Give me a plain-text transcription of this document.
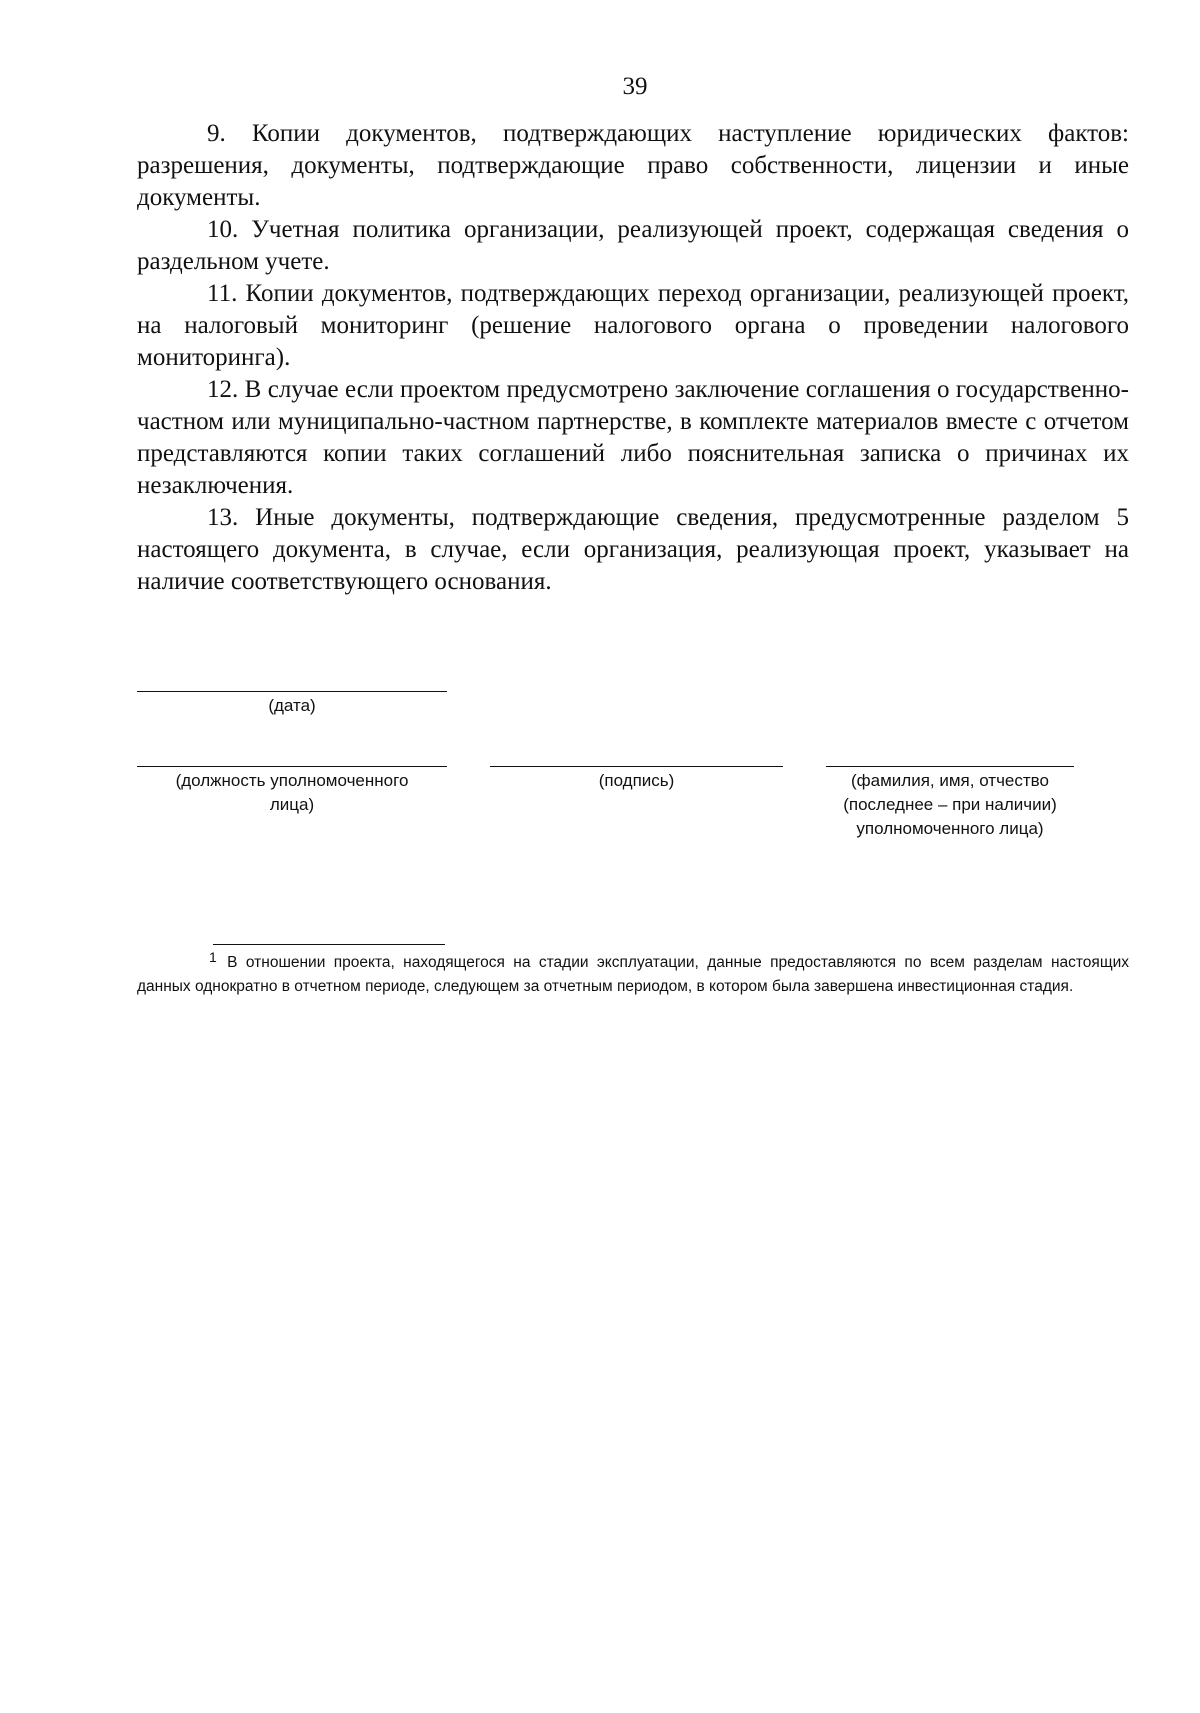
39

9. Копии документов, подтверждающих наступление юридических фактов: разрешения, документы, подтверждающие право собственности, лицензии и иные документы.

10. Учетная политика организации, реализующей проект, содержащая сведения о раздельном учете.

11. Копии документов, подтверждающих переход организации, реализующей проект, на налоговый мониторинг (решение налогового органа о проведении налогового мониторинга).

12. В случае если проектом предусмотрено заключение соглашения о государственно-частном или муниципально-частном партнерстве, в комплекте материалов вместе с отчетом представляются копии таких соглашений либо пояснительная записка о причинах их незаключения.

13. Иные документы, подтверждающие сведения, предусмотренные разделом 5 настоящего документа, в случае, если организация, реализующая проект, указывает на наличие соответствующего основания.

(дата)
(должность уполномоченного лица)
(подпись)	(фамилия, имя, отчество (последнее – при наличии) уполномоченного лица)
$^1$ В отношении проекта, находящегося на стадии эксплуатации, данные предоставляются по всем разделам настоящих данных однократно в отчетном периоде, следующем за отчетным периодом, в котором была завершена инвестиционная стадия.
